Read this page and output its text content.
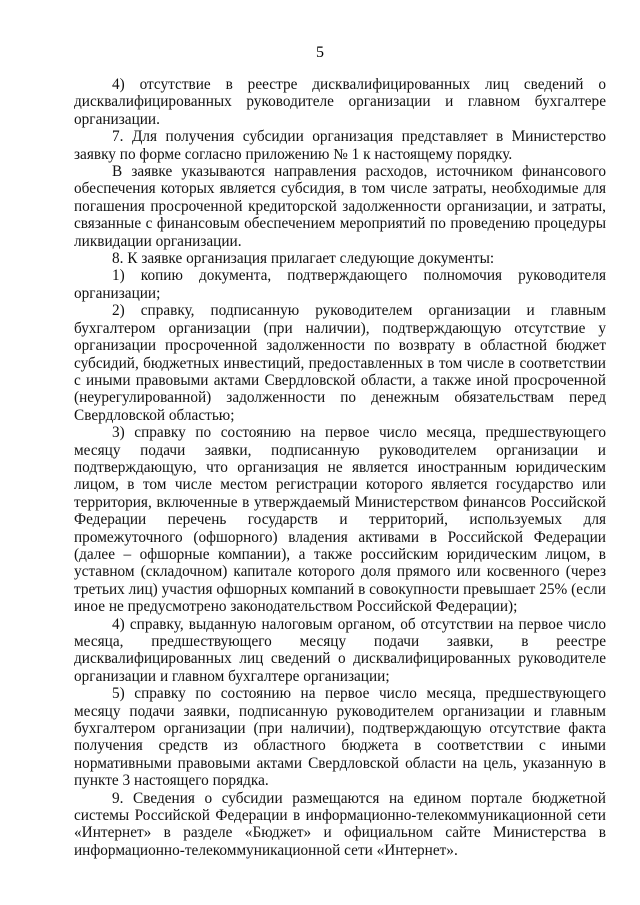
5

4) отсутствие в реестре дисквалифицированных лиц сведений о дисквалифицированных руководителе организации и главном бухгалтере организации.

7. Для получения субсидии организация представляет в Министерство заявку по форме согласно приложению № 1 к настоящему порядку.

В заявке указываются направления расходов, источником финансового обеспечения которых является субсидия, в том числе затраты, необходимые для погашения просроченной кредиторской задолженности организации, и затраты, связанные с финансовым обеспечением мероприятий по проведению процедуры ликвидации организации.

8. К заявке организация прилагает следующие документы:

1) копию документа, подтверждающего полномочия руководителя организации;

2) справку, подписанную руководителем организации и главным бухгалтером организации (при наличии), подтверждающую отсутствие у организации просроченной задолженности по возврату в областной бюджет субсидий, бюджетных инвестиций, предоставленных в том числе в соответствии с иными правовыми актами Свердловской области, а также иной просроченной (неурегулированной) задолженности по денежным обязательствам перед Свердловской областью;

3) справку по состоянию на первое число месяца, предшествующего месяцу подачи заявки, подписанную руководителем организации и подтверждающую, что организация не является иностранным юридическим лицом, в том числе местом регистрации которого является государство или территория, включенные в утверждаемый Министерством финансов Российской Федерации перечень государств и территорий, используемых для промежуточного (офшорного) владения активами в Российской Федерации (далее – офшорные компании), а также российским юридическим лицом, в уставном (складочном) капитале которого доля прямого или косвенного (через третьих лиц) участия офшорных компаний в совокупности превышает 25% (если иное не предусмотрено законодательством Российской Федерации);

4) справку, выданную налоговым органом, об отсутствии на первое число месяца, предшествующего месяцу подачи заявки, в реестре дисквалифицированных лиц сведений о дисквалифицированных руководителе организации и главном бухгалтере организации;

5) справку по состоянию на первое число месяца, предшествующего месяцу подачи заявки, подписанную руководителем организации и главным бухгалтером организации (при наличии), подтверждающую отсутствие факта получения средств из областного бюджета в соответствии с иными нормативными правовыми актами Свердловской области на цель, указанную в пункте 3 настоящего порядка.

9. Сведения о субсидии размещаются на едином портале бюджетной системы Российской Федерации в информационно-телекоммуникационной сети «Интернет» в разделе «Бюджет» и официальном сайте Министерства в информационно-телекоммуникационной сети «Интернет».
